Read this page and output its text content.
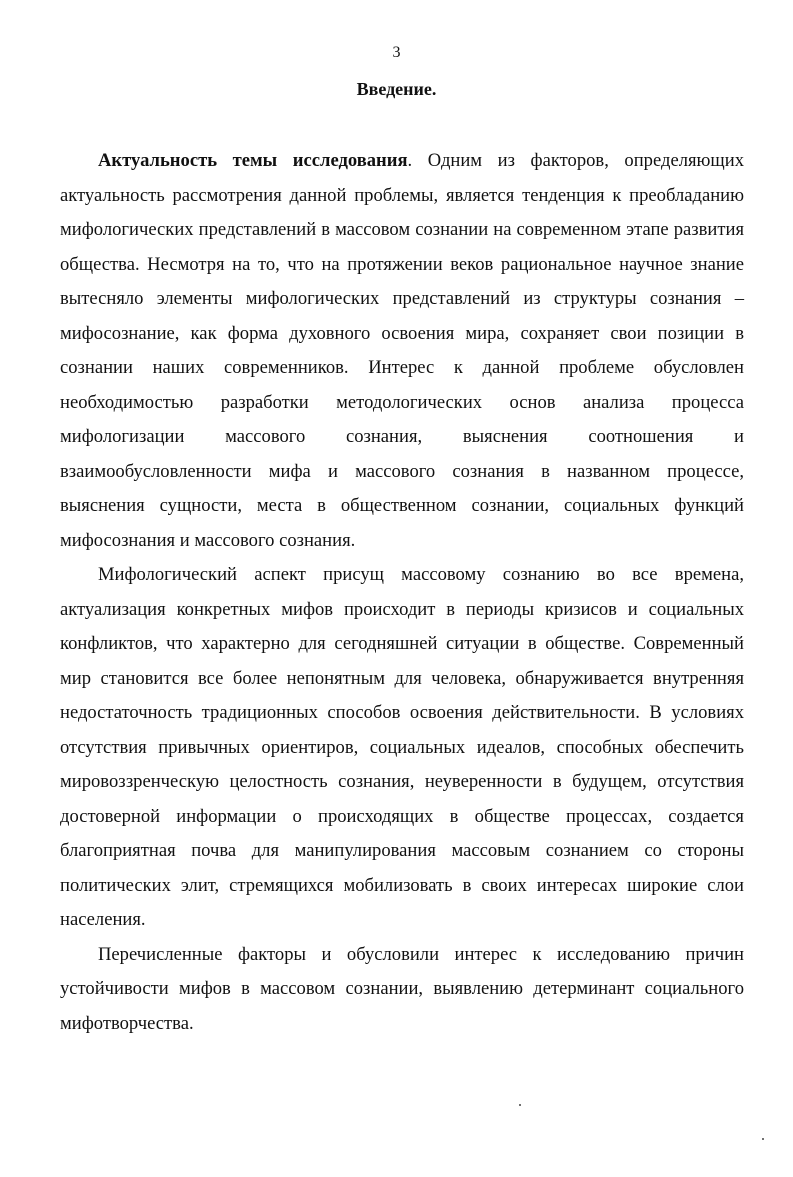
3
Введение.

Актуальность темы исследования. Одним из факторов, определяющих актуальность рассмотрения данной проблемы, является тенденция к преобладанию мифологических представлений в массовом сознании на современном этапе развития общества. Несмотря на то, что на протяжении веков рациональное научное знание вытесняло элементы мифологических представлений из структуры сознания – мифосознание, как форма духовного освоения мира, сохраняет свои позиции в сознании наших современников. Интерес к данной проблеме обусловлен необходимостью разработки методологических основ анализа процесса мифологизации массового сознания, выяснения соотношения и взаимообусловленности мифа и массового сознания в названном процессе, выяснения сущности, места в общественном сознании, социальных функций мифосознания и массового сознания.

Мифологический аспект присущ массовому сознанию во все времена, актуализация конкретных мифов происходит в периоды кризисов и социальных конфликтов, что характерно для сегодняшней ситуации в обществе. Современный мир становится все более непонятным для человека, обнаруживается внутренняя недостаточность традиционных способов освоения действительности. В условиях отсутствия привычных ориентиров, социальных идеалов, способных обеспечить мировоззренческую целостность сознания, неуверенности в будущем, отсутствия достоверной информации о происходящих в обществе процессах, создается благоприятная почва для манипулирования массовым сознанием со стороны политических элит, стремящихся мобилизовать в своих интересах широкие слои населения.

Перечисленные факторы и обусловили интерес к исследованию причин устойчивости мифов в массовом сознании, выявлению детерминант социального мифотворчества.
